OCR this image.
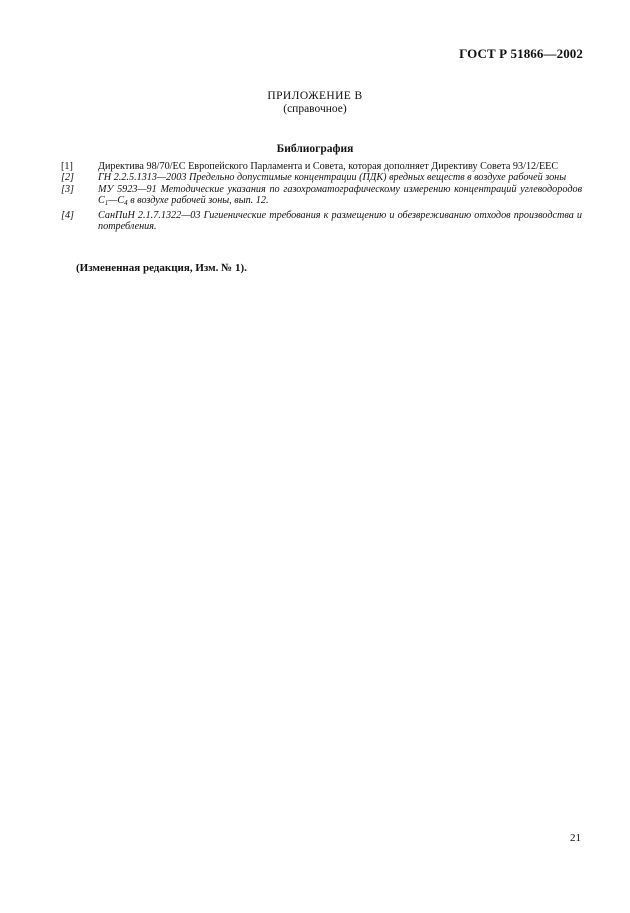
ГОСТ Р 51866—2002
ПРИЛОЖЕНИЕ В
(справочное)
Библиография
[1]	Директива 98/70/ЕС Европейского Парламента и Совета, которая дополняет Директиву Совета 93/12/ЕЕС
[2]	ГН 2.2.5.1313—2003 Предельно допустимые концентрации (ПДК) вредных веществ в воздухе рабочей зоны
[3]	МУ 5923—91 Методические указания по газохроматографическому измерению концентраций углеводородов $С_1—С_4$ в воздухе рабочей зоны, вып. 12.
[4]	СанПиН 2.1.7.1322—03 Гигиенические требования к размещению и обезвреживанию отходов производства и потребления.
(Измененная редакция, Изм. № 1).
21
